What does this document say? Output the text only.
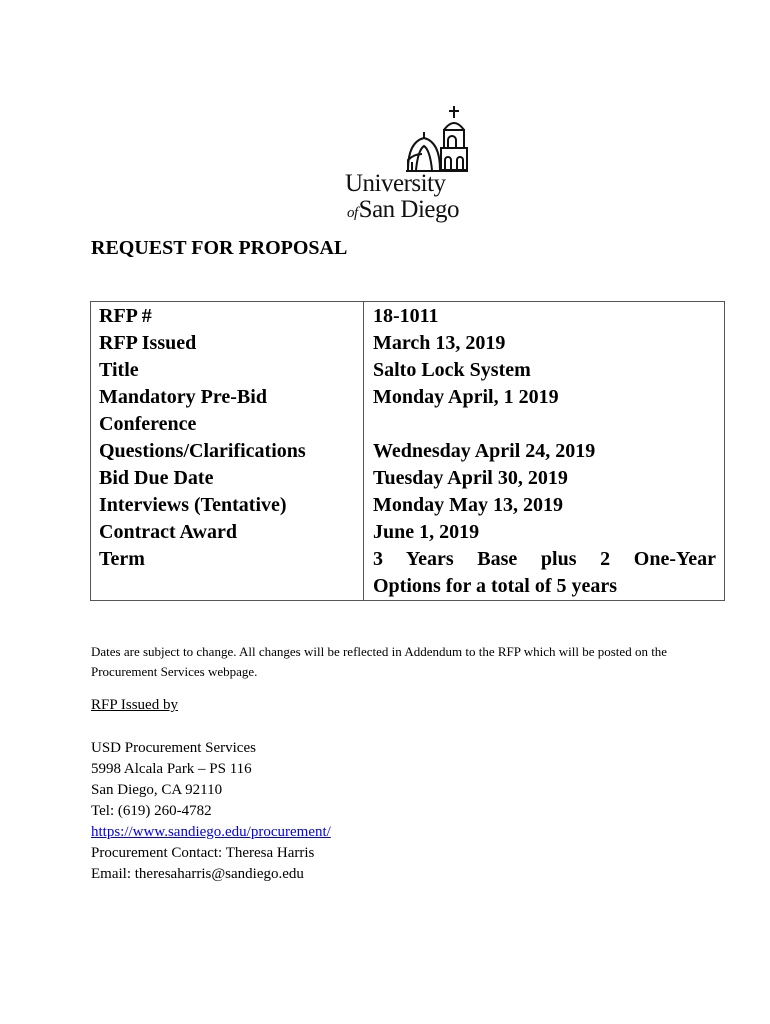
University
ofSan Diego
REQUEST FOR PROPOSAL
RFP #
RFP Issued
Title
Mandatory Pre-Bid
Conference
Questions/Clarifications
Bid Due Date
Interviews (Tentative)
Contract Award
Term
18-1011
March 13, 2019
Salto Lock System
Monday April, 1 2019

Wednesday April 24, 2019
Tuesday April 30, 2019
Monday May 13, 2019
June 1, 2019
3 Years Base plus 2 One-Year
Options for a total of 5 years

Dates are subject to change. All changes will be reflected in Addendum to the RFP which will be posted on the Procurement Services webpage.

RFP Issued by

USD Procurement Services
5998 Alcala Park – PS 116
San Diego, CA 92110
Tel: (619) 260-4782
https://www.sandiego.edu/procurement/
Procurement Contact: Theresa Harris
Email: theresaharris@sandiego.edu
